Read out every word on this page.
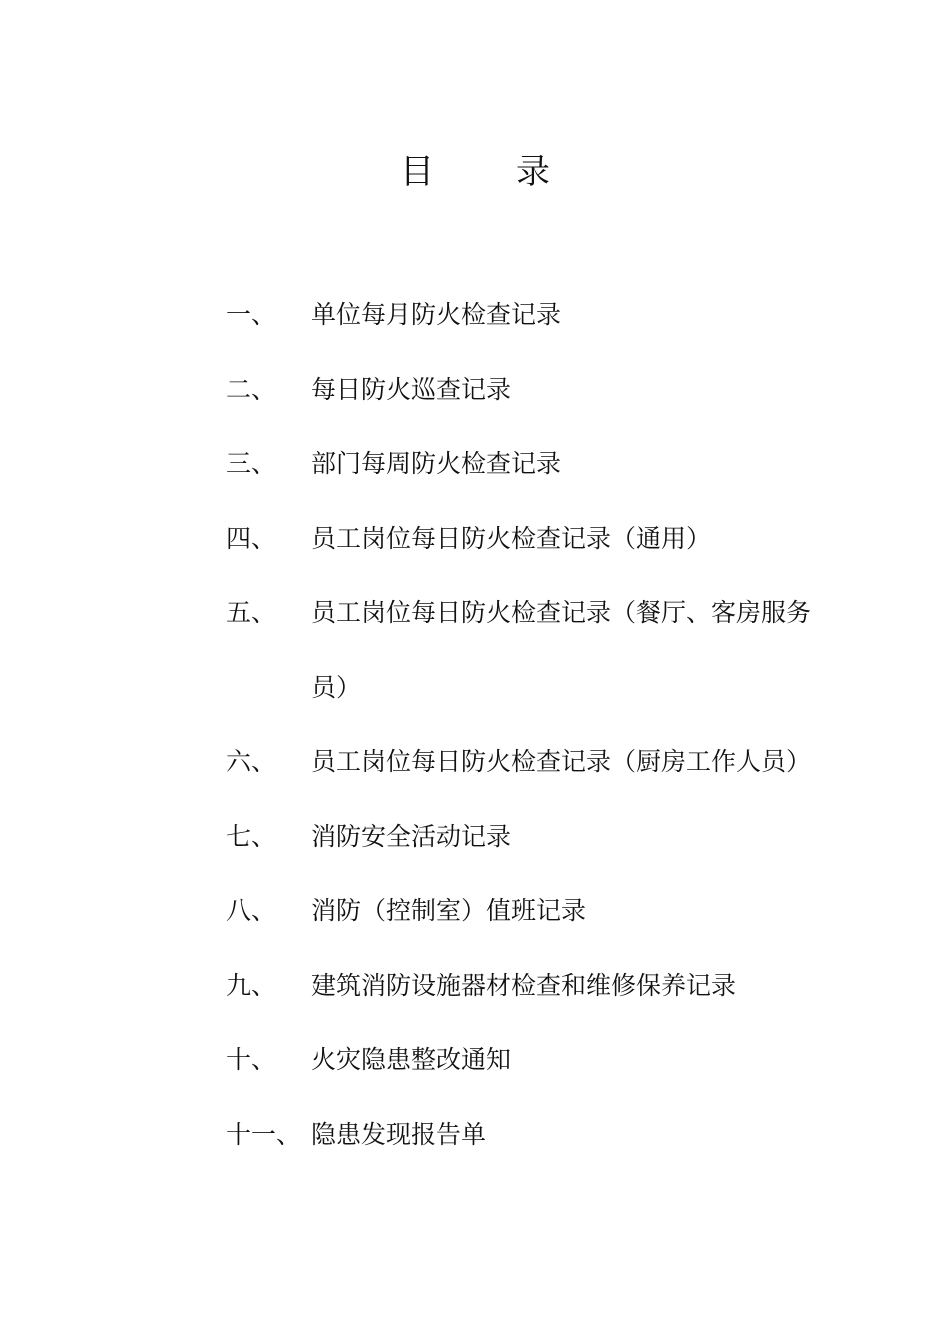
目 录
一、	单位每月防火检查记录
二、	每日防火巡查记录
三、	部门每周防火检查记录
四、	员工岗位每日防火检查记录（通用）
五、	员工岗位每日防火检查记录（餐厅、客房服务员）
六、	员工岗位每日防火检查记录（厨房工作人员）
七、	消防安全活动记录
八、	消防（控制室）值班记录
九、	建筑消防设施器材检查和维修保养记录
十、	火灾隐患整改通知
十一、 隐患发现报告单
